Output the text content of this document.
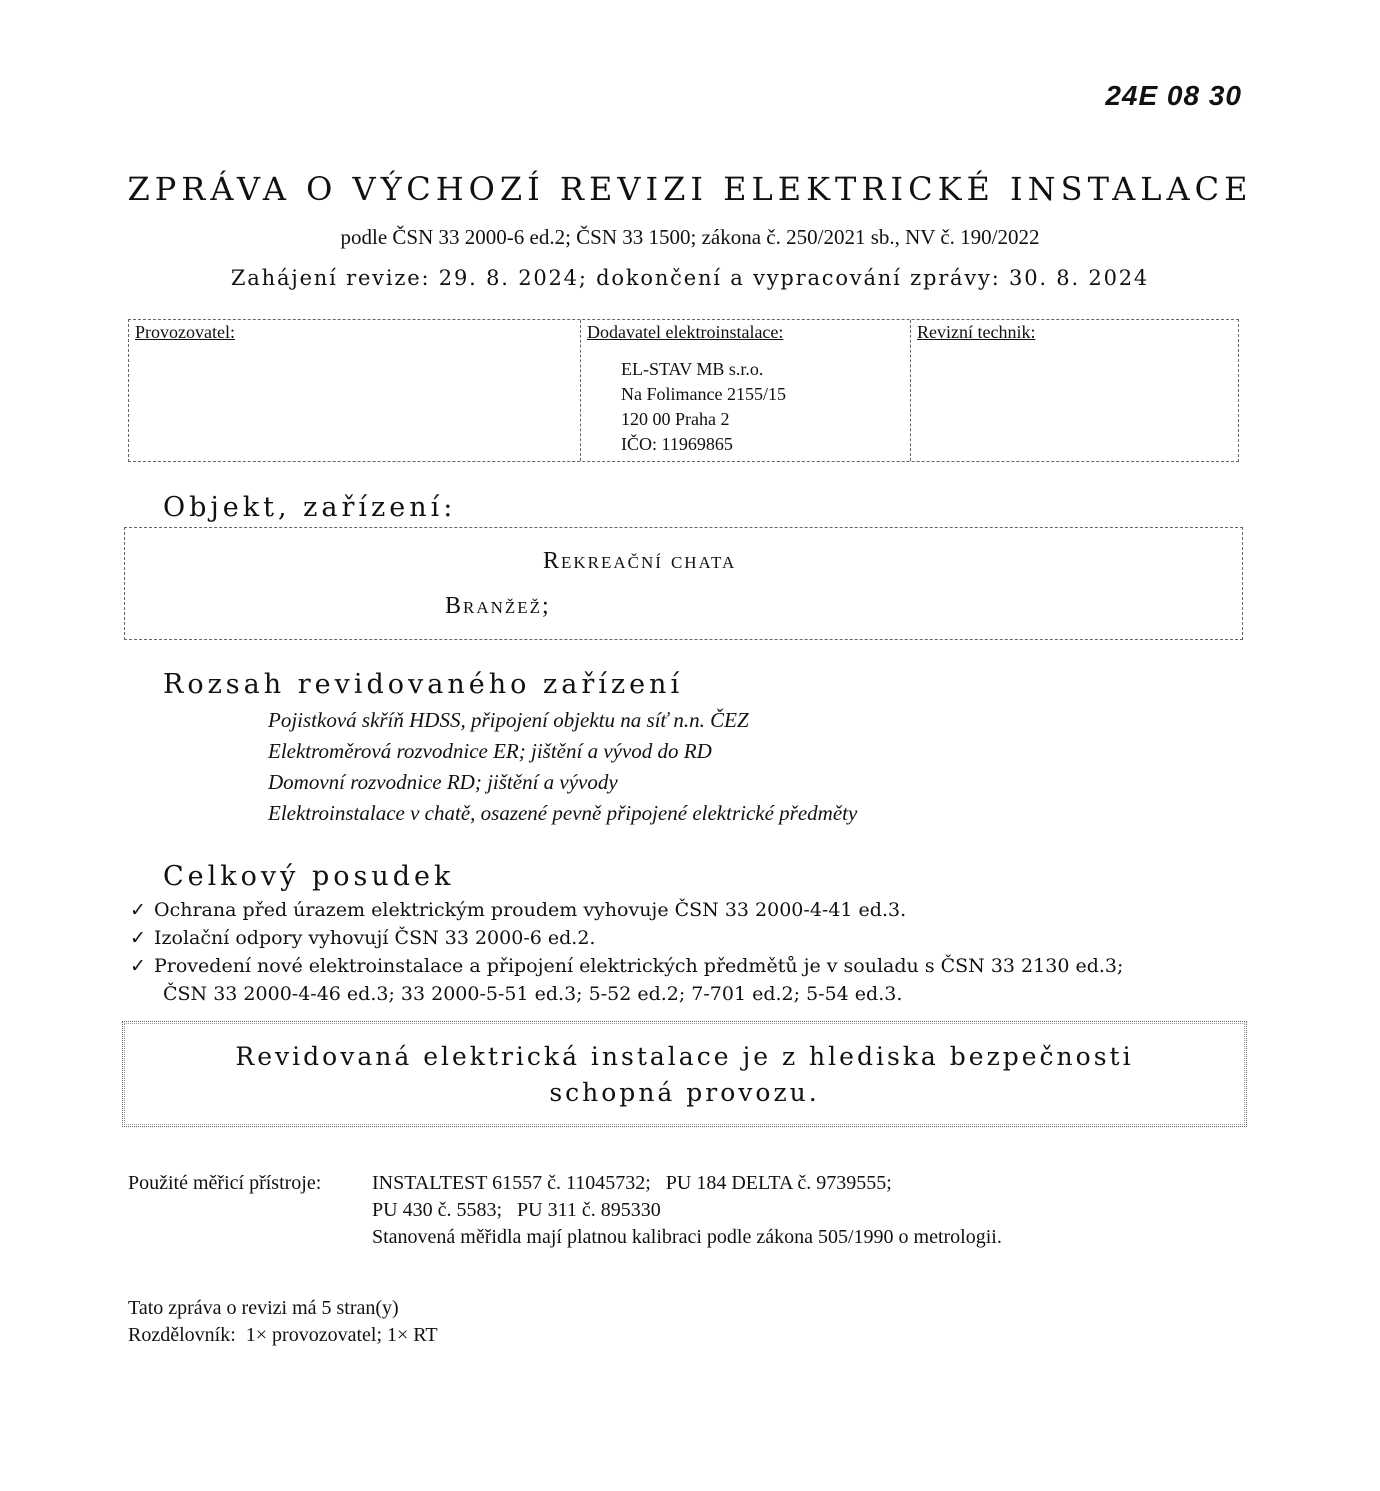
24E 08 30
ZPRÁVA O VÝCHOZÍ REVIZI ELEKTRICKÉ INSTALACE
podle ČSN 33 2000-6 ed.2; ČSN 33 1500; zákona č. 250/2021 sb., NV č. 190/2022
Zahájení revize: 29. 8. 2024; dokončení a vypracování zprávy: 30. 8. 2024
Provozovatel:	Dodavatel elektroinstalace:
EL-STAV MB s.r.o.
Na Folimance 2155/15
120 00 Praha 2
IČO: 11969865
Revizní technik:
Objekt, zařízení:
Rekreační chata
Branžež;
Rozsah revidovaného zařízení
Pojistková skříň HDSS, připojení objektu na síť n.n. ČEZ
Elektroměrová rozvodnice ER; jištění a vývod do RD
Domovní rozvodnice RD; jištění a vývody
Elektroinstalace v chatě, osazené pevně připojené elektrické předměty
Celkový posudek
✓ Ochrana před úrazem elektrickým proudem vyhovuje ČSN 33 2000-4-41 ed.3.
✓ Izolační odpory vyhovují ČSN 33 2000-6 ed.2.
✓ Provedení nové elektroinstalace a připojení elektrických předmětů je v souladu s ČSN 33 2130 ed.3;
ČSN 33 2000-4-46 ed.3; 33 2000-5-51 ed.3; 5-52 ed.2; 7-701 ed.2; 5-54 ed.3.
Revidovaná elektrická instalace je z hlediska bezpečnosti
schopná provozu.
Použité měřicí přístroje:	INSTALTEST 61557 č. 11045732;   PU 184 DELTA č. 9739555;
PU 430 č. 5583;   PU 311 č. 895330
Stanovená měřidla mají platnou kalibraci podle zákona 505/1990 o metrologii.
Tato zpráva o revizi má 5 stran(y)
Rozdělovník:  1× provozovatel; 1× RT
